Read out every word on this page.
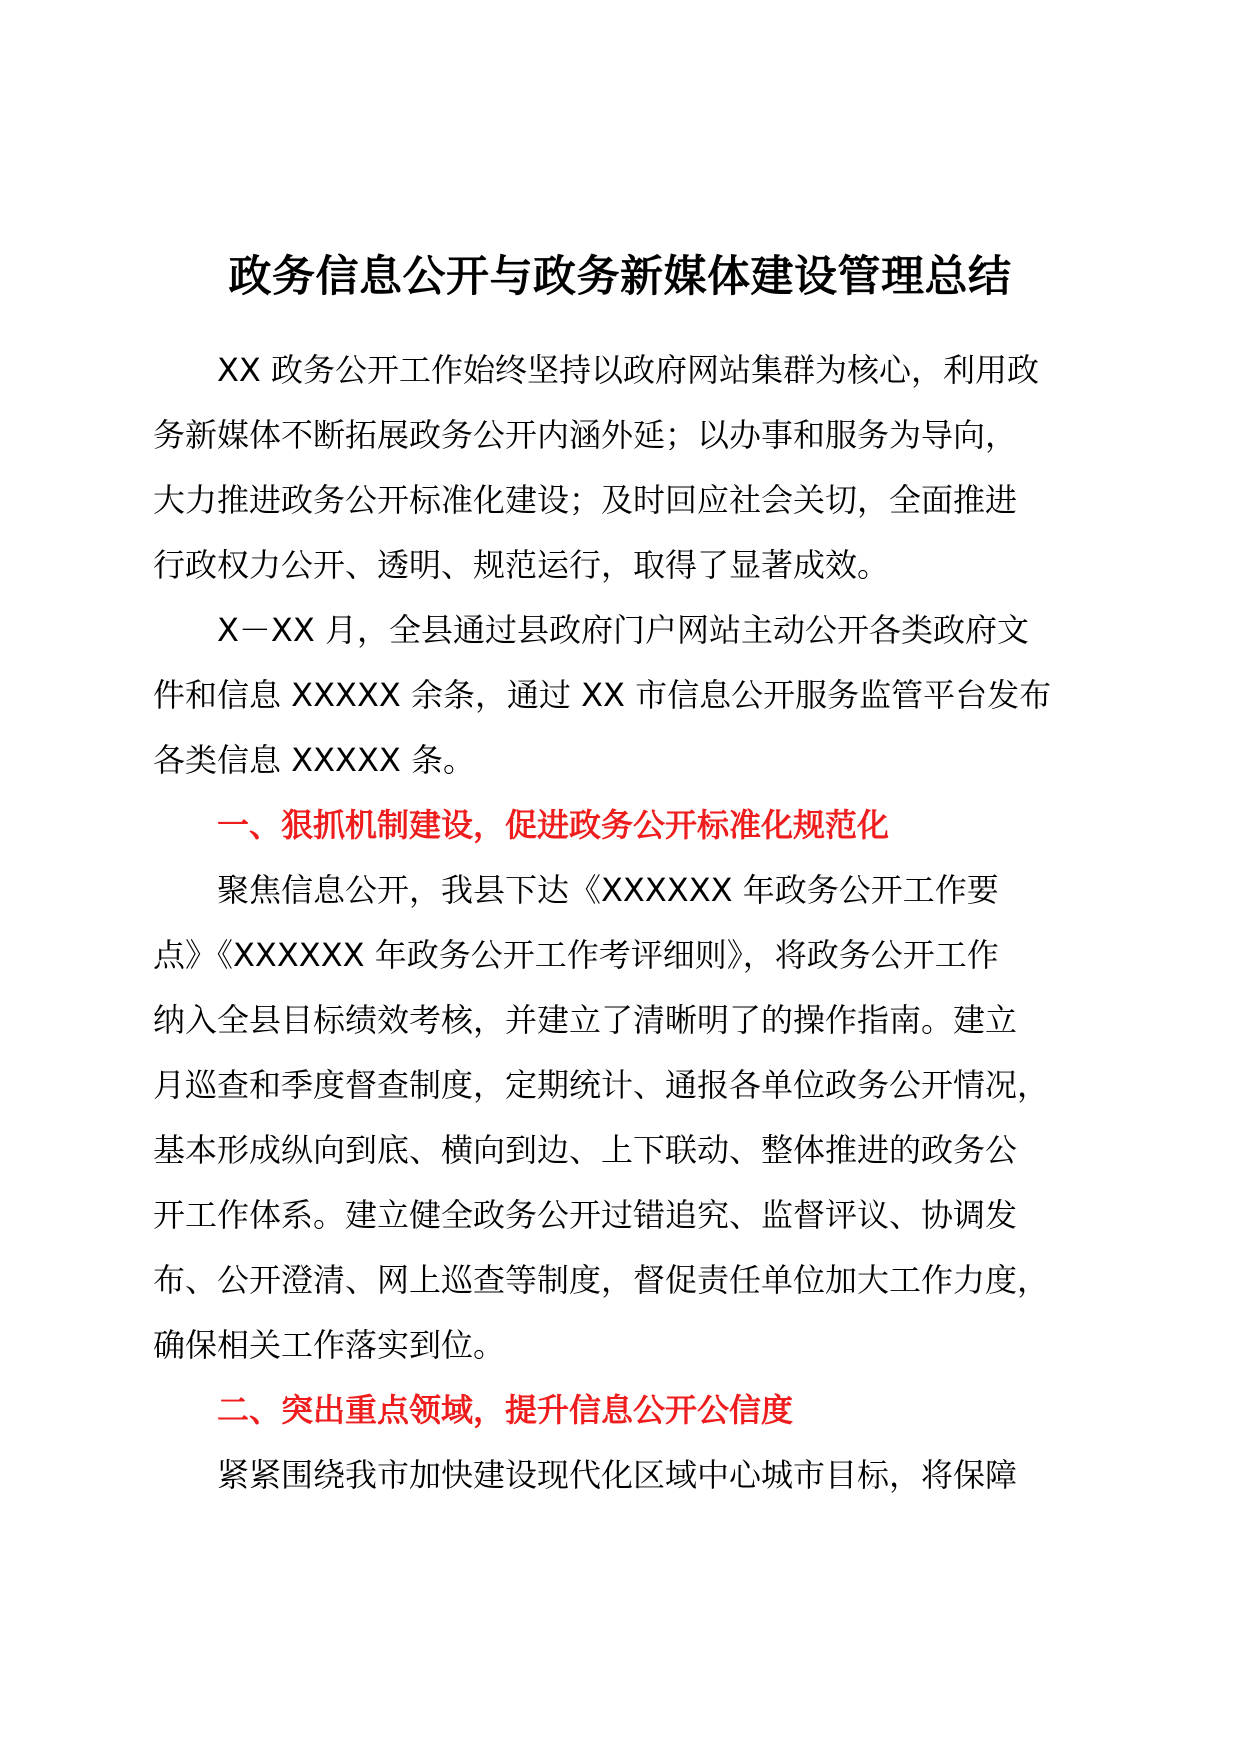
政务信息公开与政务新媒体建设管理总结
XX 政务公开工作始终坚持以政府网站集群为核心，利用政
务新媒体不断拓展政务公开内涵外延；以办事和服务为导向，
大力推进政务公开标准化建设；及时回应社会关切，全面推进
行政权力公开、透明、规范运行，取得了显著成效。
X－XX 月，全县通过县政府门户网站主动公开各类政府文
件和信息 XXXXX 余条，通过 XX 市信息公开服务监管平台发布
各类信息 XXXXX 条。
一、狠抓机制建设，促进政务公开标准化规范化
聚焦信息公开，我县下达《XXXXXX 年政务公开工作要
点》《XXXXXX 年政务公开工作考评细则》，将政务公开工作
纳入全县目标绩效考核，并建立了清晰明了的操作指南。建立
月巡查和季度督查制度，定期统计、通报各单位政务公开情况，
基本形成纵向到底、横向到边、上下联动、整体推进的政务公
开工作体系。建立健全政务公开过错追究、监督评议、协调发
布、公开澄清、网上巡查等制度，督促责任单位加大工作力度，
确保相关工作落实到位。
二、突出重点领域，提升信息公开公信度
紧紧围绕我市加快建设现代化区域中心城市目标，将保障
